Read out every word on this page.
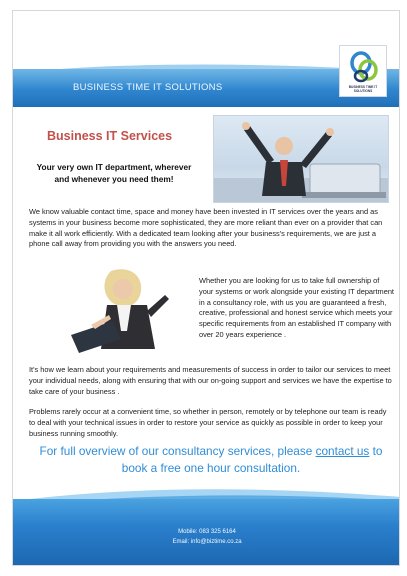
BUSINESS TIME IT SOLUTIONS	BUSINESS TIME IT SOLUTIONS
Business IT Services
Your very own IT department, wherever and whenever you need them!
We know valuable contact time, space and money have been invested in IT services over the years and as systems in your business become more sophisticated, they are more reliant than ever on a provider that can make it all work efficiently. With a dedicated team looking after your business's requirements, we are just a phone call away from providing you with the answers you need.
Whether you are looking for us to take full ownership of your systems or work alongside your existing IT department in a consultancy role, with us you are guaranteed a fresh, creative, professional and honest service which meets your specific requirements from an established IT company with over 20 years experience .
It's how we learn about your requirements and measurements of success in order to tailor our services to meet your individual needs, along with ensuring that with our on-going support and services we have the expertise to take care of your business .
Problems rarely occur at a convenient time, so whether in person, remotely or by telephone our team is ready to deal with your technical issues in order to restore your service as quickly as possible in order to keep your business running smoothly.
For full overview of our consultancy services, please contact us to book a free one hour consultation.
Mobile: 083 325 6164
Email: info@biztime.co.za
